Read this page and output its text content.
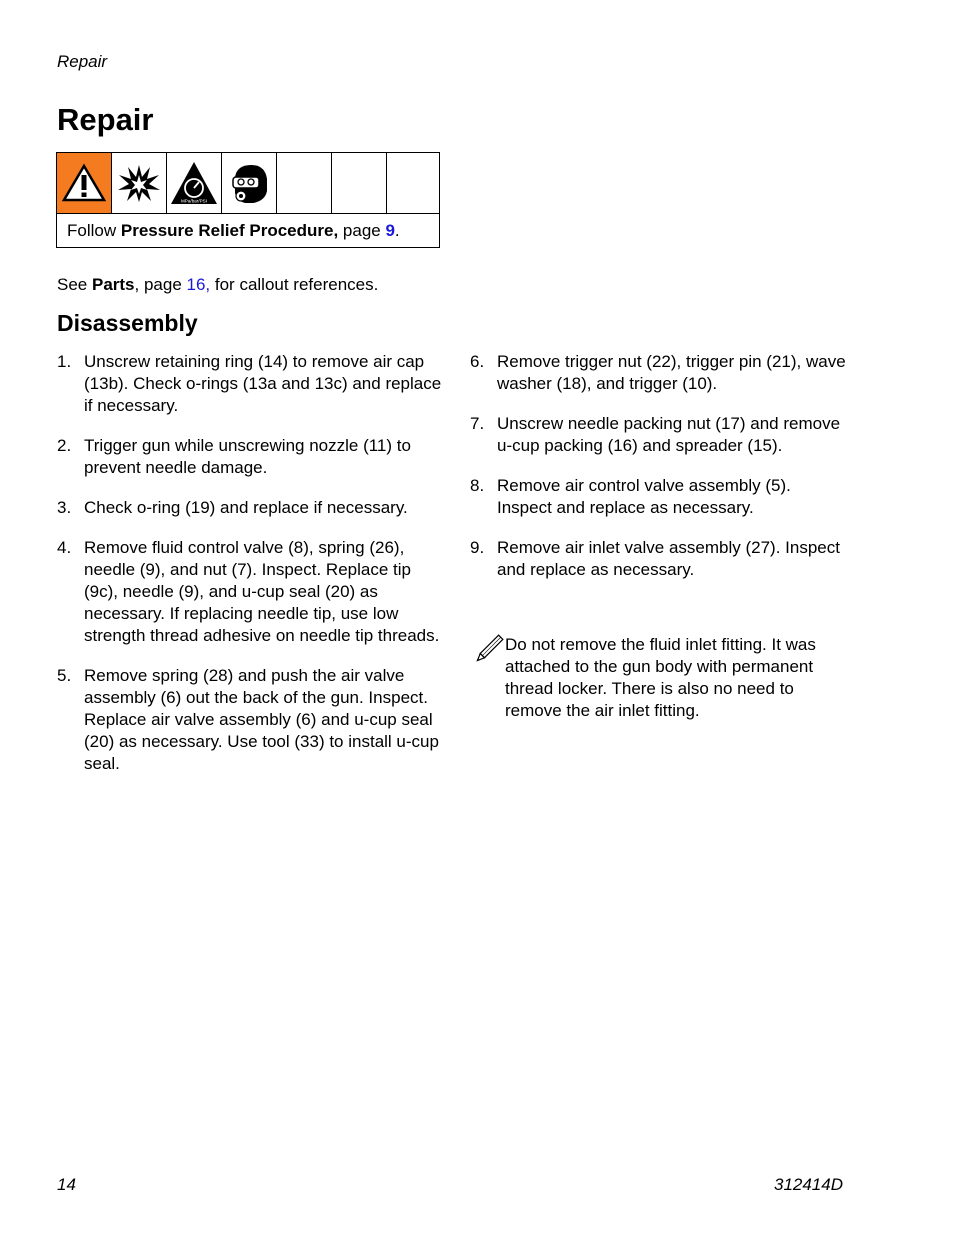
Repair
Repair
MPa/bar/PSI
Follow Pressure Relief Procedure, page 9.
See Parts, page 16, for callout references.
Disassembly
1. Unscrew retaining ring (14) to remove air cap (13b). Check o-rings (13a and 13c) and replace if necessary.
2. Trigger gun while unscrewing nozzle (11) to prevent needle damage.
3. Check o-ring (19) and replace if necessary.
4. Remove fluid control valve (8), spring (26), needle (9), and nut (7). Inspect. Replace tip (9c), needle (9), and u-cup seal (20) as necessary. If replacing needle tip, use low strength thread adhesive on needle tip threads.
5. Remove spring (28) and push the air valve assembly (6) out the back of the gun. Inspect. Replace air valve assembly (6) and u-cup seal (20) as necessary. Use tool (33) to install u-cup seal.
6. Remove trigger nut (22), trigger pin (21), wave washer (18), and trigger (10).
7. Unscrew needle packing nut (17) and remove u-cup packing (16) and spreader (15).
8. Remove air control valve assembly (5). Inspect and replace as necessary.
9. Remove air inlet valve assembly (27). Inspect and replace as necessary.
Do not remove the fluid inlet fitting. It was attached to the gun body with permanent thread locker. There is also no need to remove the air inlet fitting.
14	312414D
